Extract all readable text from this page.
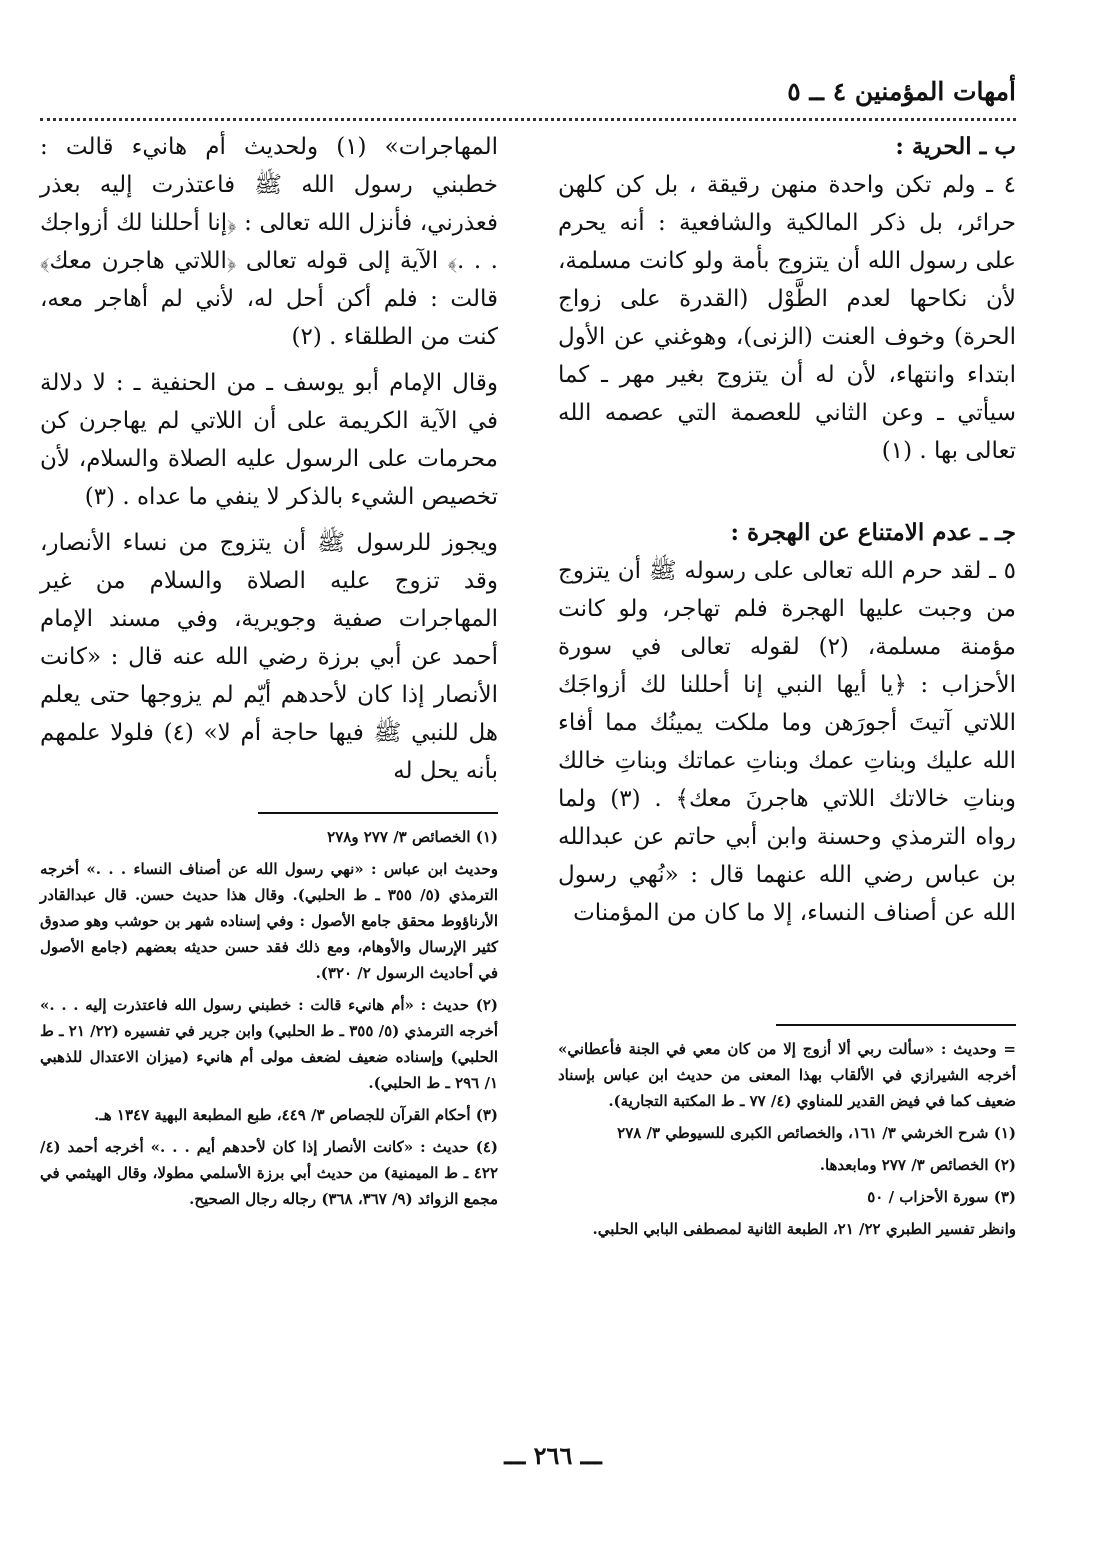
أمهات المؤمنين ٤ ــ ٥

ب ـ الحرية :

٤ ـ ولم تكن واحدة منهن رقيقة ، بل كن كلهن حرائر، بل ذكر المالكية والشافعية : أنه يحرم على رسول الله أن يتزوج بأمة ولو كانت مسلمة، لأن نكاحها لعدم الطَّوْل (القدرة على زواج الحرة) وخوف العنت (الزنى)، وهوغني عن الأول ابتداء وانتهاء، لأن له أن يتزوج بغير مهر ـ كما سيأتي ـ وعن الثاني للعصمة التي عصمه الله تعالى بها . (١)

جـ ـ عدم الامتناع عن الهجرة :

٥ ـ لقد حرم الله تعالى على رسوله ﷺ أن يتزوج من وجبت عليها الهجرة فلم تهاجر، ولو كانت مؤمنة مسلمة، (٢) لقوله تعالى في سورة الأحزاب : ﴿يا أيها النبي إنا أحللنا لك أزواجَك اللاتي آتيتَ أجورَهن وما ملكت يمينُك مما أفاء الله عليك وبناتِ عمك وبناتِ عماتك وبناتِ خالك وبناتِ خالاتك اللاتي هاجرنَ معك﴾ . (٣) ولما رواه الترمذي وحسنة وابن أبي حاتم عن عبدالله بن عباس رضي الله عنهما قال : «نُهي رسول الله عن أصناف النساء، إلا ما كان من المؤمنات

= وحديث : «سألت ربي ألا أزوج إلا من كان معي في الجنة فأعطاني» أخرجه الشيرازي في الألقاب بهذا المعنى من حديث ابن عباس بإسناد ضعيف كما في فيض القدير للمناوي (٤/ ٧٧ ـ ط المكتبة التجارية).

(١) شرح الخرشي ٣/ ١٦١، والخصائص الكبرى للسيوطي ٣/ ٢٧٨

(٢) الخصائص ٣/ ٢٧٧ ومابعدها.

(٣) سورة الأحزاب / ٥٠

وانظر تفسير الطبري ٢٢/ ٢١، الطبعة الثانية لمصطفى البابي الحلبي.

المهاجرات» (١) ولحديث أم هانيء قالت : خطبني رسول الله ﷺ فاعتذرت إليه بعذر فعذرني، فأنزل الله تعالى : ﴿إنا أحللنا لك أزواجك . . .﴾ الآية إلى قوله تعالى ﴿اللاتي هاجرن معك﴾ قالت : فلم أكن أحل له، لأني لم أهاجر معه، كنت من الطلقاء . (٢)

وقال الإمام أبو يوسف ـ من الحنفية ـ : لا دلالة في الآية الكريمة على أن اللاتي لم يهاجرن كن محرمات على الرسول عليه الصلاة والسلام، لأن تخصيص الشيء بالذكر لا ينفي ما عداه . (٣)

ويجوز للرسول ﷺ أن يتزوج من نساء الأنصار، وقد تزوج عليه الصلاة والسلام من غير المهاجرات صفية وجويرية، وفي مسند الإمام أحمد عن أبي برزة رضي الله عنه قال : «كانت الأنصار إذا كان لأحدهم أيّم لم يزوجها حتى يعلم هل للنبي ﷺ فيها حاجة أم لا» (٤) فلولا علمهم بأنه يحل له

(١) الخصائص ٣/ ٢٧٧ و٢٧٨

وحديث ابن عباس : «نهي رسول الله عن أصناف النساء . . .» أخرجه الترمذي (٥/ ٣٥٥ ـ ط الحلبي). وقال هذا حديث حسن. قال عبدالقادر الأرناؤوط محقق جامع الأصول : وفي إسناده شهر بن حوشب وهو صدوق كثير الإرسال والأوهام، ومع ذلك فقد حسن حديثه بعضهم (جامع الأصول في أحاديث الرسول ٢/ ٣٢٠).

(٢) حديث : «أم هانيء قالت : خطبني رسول الله فاعتذرت إليه . . .» أخرجه الترمذي (٥/ ٣٥٥ ـ ط الحلبي) وابن جرير في تفسيره (٢٢/ ٢١ ـ ط الحلبي) وإسناده ضعيف لضعف مولى أم هانيء (ميزان الاعتدال للذهبي ١/ ٢٩٦ ـ ط الحلبي).

(٣) أحكام القرآن للجصاص ٣/ ٤٤٩، طبع المطبعة البهية ١٣٤٧ هـ.

(٤) حديث : «كانت الأنصار إذا كان لأحدهم أيم . . .» أخرجه أحمد (٤/ ٤٢٢ ـ ط الميمنية) من حديث أبي برزة الأسلمي مطولا، وقال الهيثمي في مجمع الزوائد (٩/ ٣٦٧، ٣٦٨) رجاله رجال الصحيح.

ـــ ٢٦٦ ـــ
